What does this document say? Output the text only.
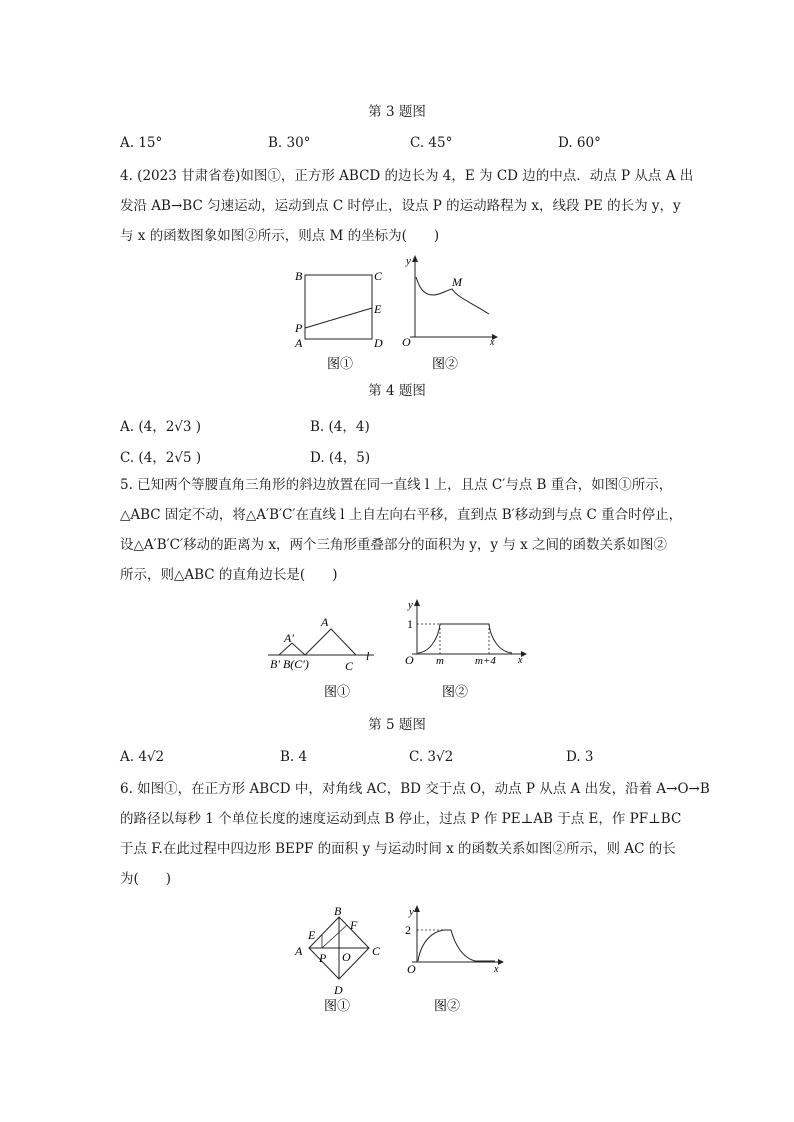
第 3 题图
A. 15°	B. 30°	C. 45°	D. 60°
4. (2023 甘肃省卷)如图①，正方形 ABCD 的边长为 4，E 为 CD 边的中点．动点 P 从点 A 出
发沿 AB→BC 匀速运动，运动到点 C 时停止，设点 P 的运动路程为 x，线段 PE 的长为 y，y
与 x 的函数图象如图②所示，则点 M 的坐标为(　　)
B	C
E
P
A	D
图①
y
M
O	x
图②
第 4 题图
A. (4，2√3 )	B. (4，4)
C. (4，2√5 )	D. (4，5)
5. 已知两个等腰直角三角形的斜边放置在同一直线 l 上，且点 C′与点 B 重合，如图①所示，
△ABC 固定不动，将△A′B′C′在直线 l 上自左向右平移，直到点 B′移动到与点 C 重合时停止，
设△A′B′C′移动的距离为 x，两个三角形重叠部分的面积为 y，y 与 x 之间的函数关系如图②
所示，则△ABC 的直角边长是(　　)
A
A′
B′ B(C′)	C
l
图①
y
1
O m	m+4 x
图②
第 5 题图
A. 4√2	B. 4	C. 3√2	D. 3
6. 如图①，在正方形 ABCD 中，对角线 AC，BD 交于点 O，动点 P 从点 A 出发，沿着 A→O→B
的路径以每秒 1 个单位长度的速度运动到点 B 停止，过点 P 作 PE⊥AB 于点 E，作 PF⊥BC
于点 F.在此过程中四边形 BEPF 的面积 y 与运动时间 x 的函数关系如图②所示，则 AC 的长
为(　　)
B
F
E
A	C
P O
D
图①
y
2
O	x
图②
